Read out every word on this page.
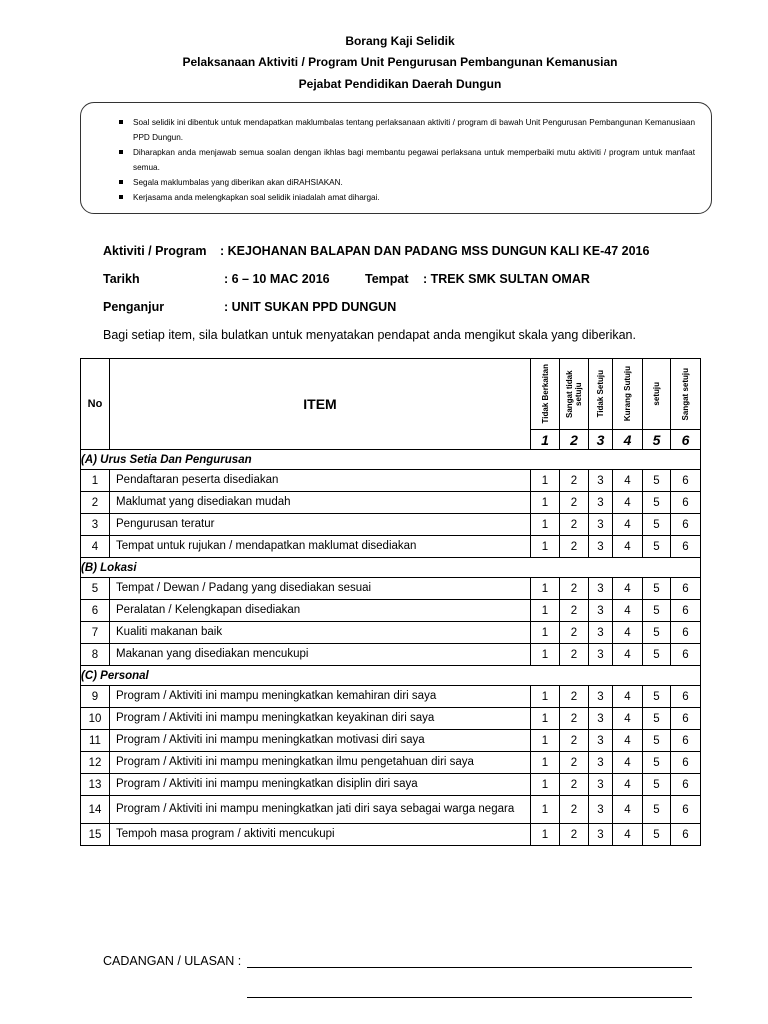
Borang Kaji Selidik
Pelaksanaan Aktiviti / Program Unit Pengurusan Pembangunan Kemanusian
Pejabat Pendidikan Daerah Dungun
Soal selidik ini dibentuk untuk mendapatkan maklumbalas tentang perlaksanaan aktiviti / program di bawah Unit Pengurusan Pembangunan Kemanusiaan PPD Dungun.
Diharapkan anda menjawab semua soalan dengan ikhlas bagi membantu pegawai perlaksana untuk memperbaiki mutu aktiviti / program untuk manfaat semua.
Segala maklumbalas yang diberikan akan diRAHSIAKAN.
Kerjasama anda melengkapkan soal selidik iniadalah amat dihargai.
Aktiviti / Program : KEJOHANAN BALAPAN DAN PADANG MSS DUNGUN KALI KE-47 2016
Tarikh	: 6 – 10 MAC 2016	Tempat : TREK SMK SULTAN OMAR
Penganjur	: UNIT SUKAN PPD DUNGUN
Bagi setiap item, sila bulatkan untuk menyatakan pendapat anda mengikut skala yang diberikan.
No	ITEM	Tidak Berkaitan	Sangat tidak setuju	Tidak Setuju	Kurang Sutuju	setuju	Sangat setuju

		1	2	3	4	5	6
(A) Urus Setia Dan Pengurusan							
1	Pendaftaran peserta disediakan	1	2	3	4	5	6
2	Maklumat yang disediakan mudah	1	2	3	4	5	6
3	Pengurusan teratur	1	2	3	4	5	6
4	Tempat untuk rujukan / mendapatkan maklumat disediakan	1	2	3	4	5	6
(B) Lokasi							
5	Tempat / Dewan / Padang yang disediakan sesuai	1	2	3	4	5	6
6	Peralatan / Kelengkapan disediakan	1	2	3	4	5	6
7	Kualiti makanan baik	1	2	3	4	5	6
8	Makanan yang disediakan mencukupi	1	2	3	4	5	6
(C) Personal							
9	Program / Aktiviti ini mampu meningkatkan kemahiran diri saya	1	2	3	4	5	6
10	Program / Aktiviti ini mampu meningkatkan keyakinan diri saya	1	2	3	4	5	6
11	Program / Aktiviti ini mampu meningkatkan motivasi diri saya	1	2	3	4	5	6
12	Program / Aktiviti ini mampu meningkatkan ilmu pengetahuan diri saya	1	2	3	4	5	6
13	Program / Aktiviti ini mampu meningkatkan disiplin diri saya	1	2	3	4	5	6
14	Program / Aktiviti ini mampu meningkatkan jati diri saya sebagai warga negara	1	2	3	4	5	6
15	Tempoh masa program / aktiviti mencukupi	1	2	3	4	5	6
CADANGAN / ULASAN :
